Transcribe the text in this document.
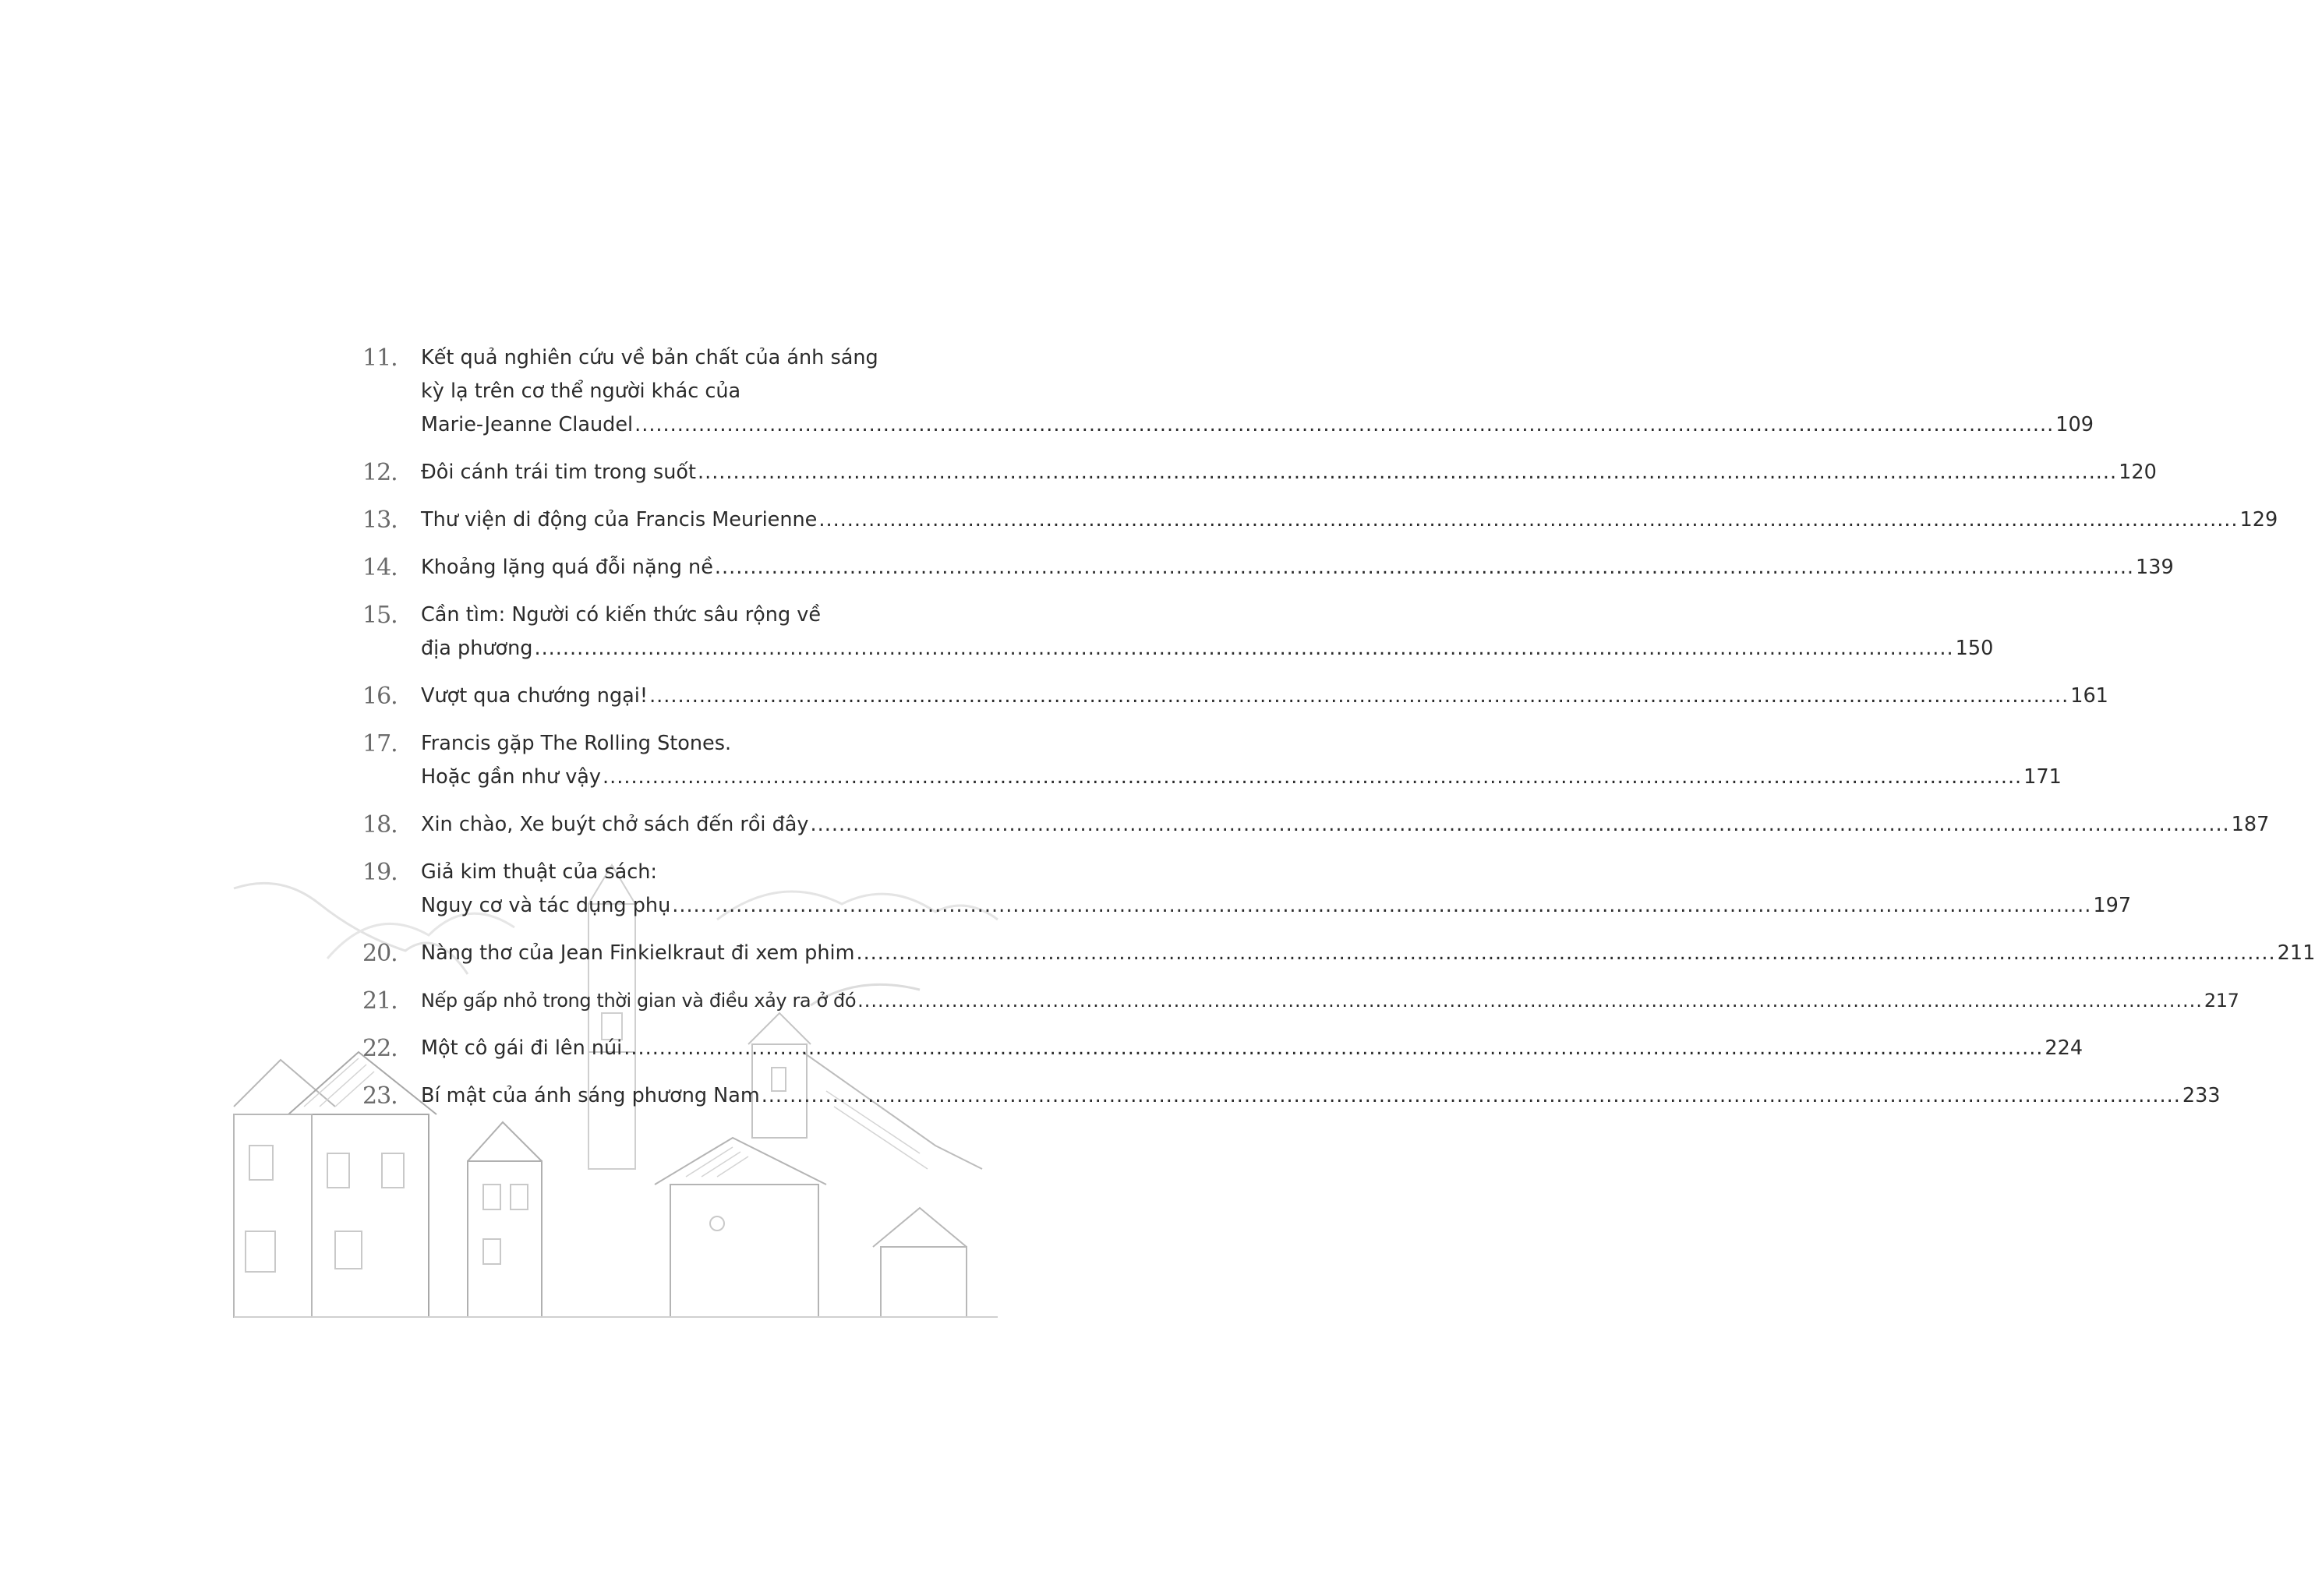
11.	Kết quả nghiên cứu về bản chất của ánh sáng
kỳ lạ trên cơ thể người khác của
Marie-Jeanne Claudel ........................................................................................................................................................................................................ 109
12.	Đôi cánh trái tim trong suốt ........................................................................................................................................................................................................ 120
13.	Thư viện di động của Francis Meurienne ........................................................................................................................................................................................................ 129
14.	Khoảng lặng quá đỗi nặng nề ........................................................................................................................................................................................................ 139
15.	Cần tìm: Người có kiến thức sâu rộng về
địa phương ........................................................................................................................................................................................................ 150
16.	Vượt qua chướng ngại! ........................................................................................................................................................................................................ 161
17.	Francis gặp The Rolling Stones.
Hoặc gần như vậy ........................................................................................................................................................................................................ 171
18.	Xin chào, Xe buýt chở sách đến rồi đây ........................................................................................................................................................................................................ 187
19.	Giả kim thuật của sách:
Nguy cơ và tác dụng phụ ........................................................................................................................................................................................................ 197
20.	Nàng thơ của Jean Finkielkraut đi xem phim ........................................................................................................................................................................................................ 211
21.	Nếp gấp nhỏ trong thời gian và điều xảy ra ở đó ........................................................................................................................................................................................................ 217
22.	Một cô gái đi lên núi ........................................................................................................................................................................................................ 224
23.	Bí mật của ánh sáng phương Nam ........................................................................................................................................................................................................ 233
